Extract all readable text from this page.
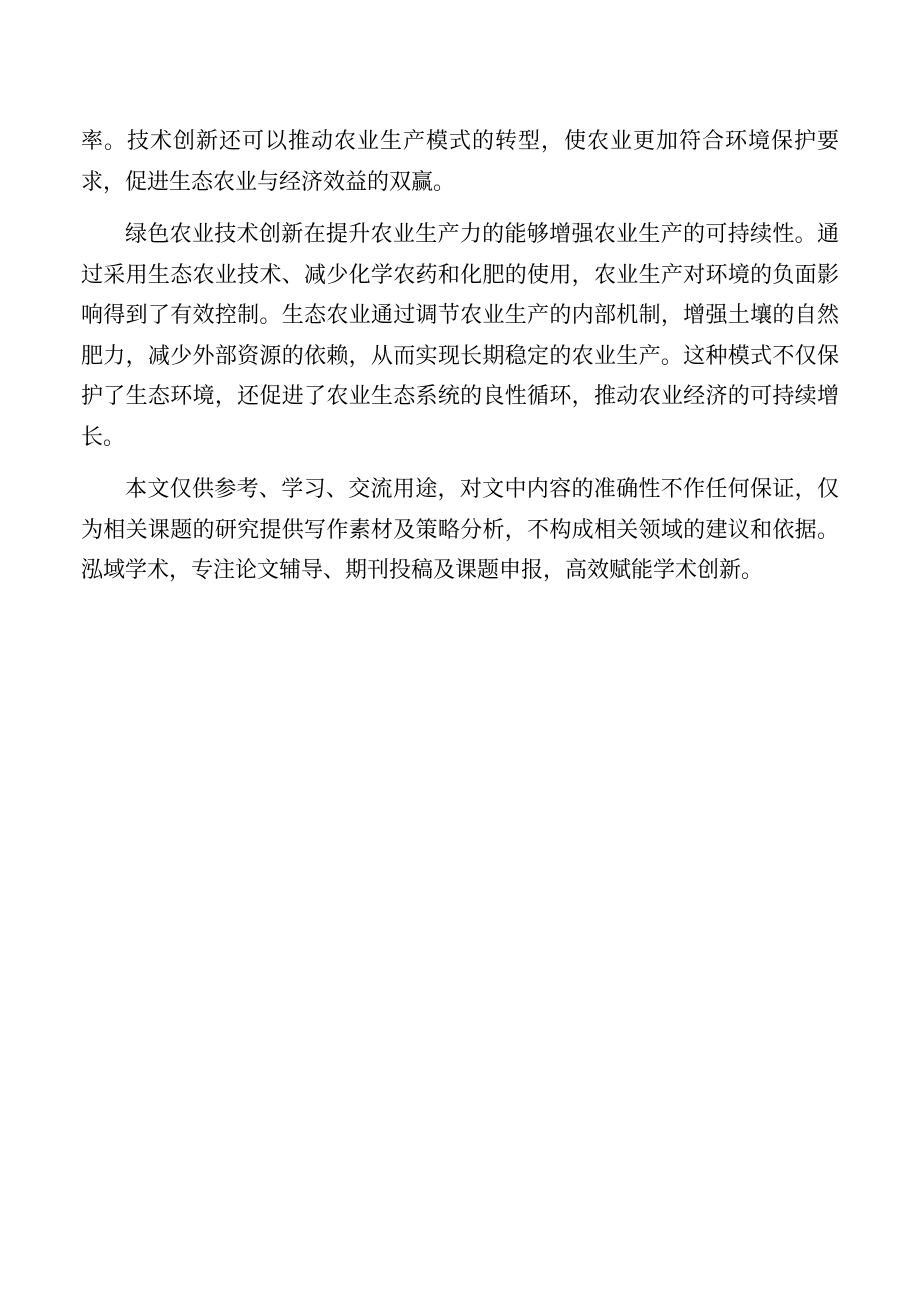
率。技术创新还可以推动农业生产模式的转型，使农业更加符合环境保护要求，促进生态农业与经济效益的双赢。

绿色农业技术创新在提升农业生产力的能够增强农业生产的可持续性。通过采用生态农业技术、减少化学农药和化肥的使用，农业生产对环境的负面影响得到了有效控制。生态农业通过调节农业生产的内部机制，增强土壤的自然肥力，减少外部资源的依赖，从而实现长期稳定的农业生产。这种模式不仅保护了生态环境，还促进了农业生态系统的良性循环，推动农业经济的可持续增长。

本文仅供参考、学习、交流用途，对文中内容的准确性不作任何保证，仅为相关课题的研究提供写作素材及策略分析，不构成相关领域的建议和依据。泓域学术，专注论文辅导、期刊投稿及课题申报，高效赋能学术创新。
